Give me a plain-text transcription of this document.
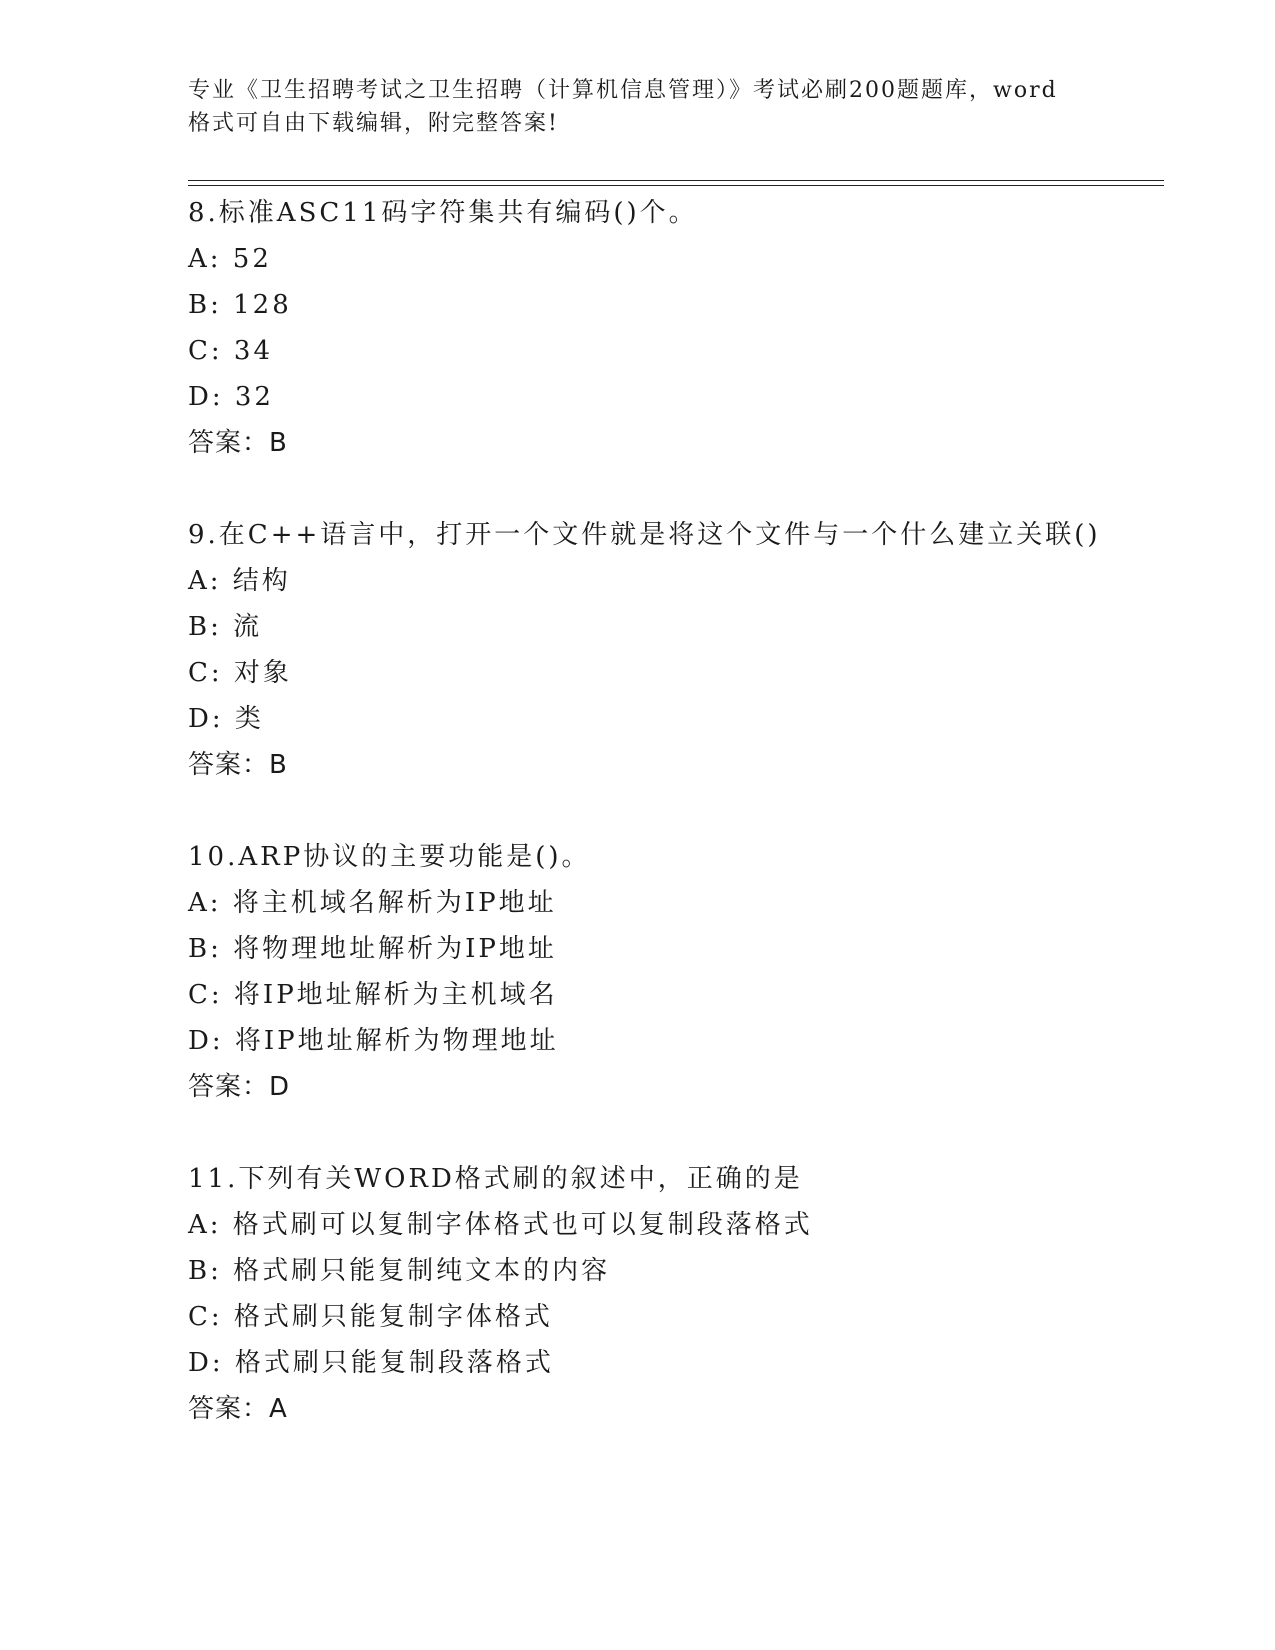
专业《卫生招聘考试之卫生招聘（计算机信息管理）》考试必刷200题题库，word
格式可自由下载编辑，附完整答案!
8.标准ASC11码字符集共有编码()个。
A: 52
B: 128
C: 34
D: 32
答案：B
9.在C++语言中，打开一个文件就是将这个文件与一个什么建立关联()
A: 结构
B: 流
C: 对象
D: 类
答案：B
10.ARP协议的主要功能是()。
A: 将主机域名解析为IP地址
B: 将物理地址解析为IP地址
C: 将IP地址解析为主机域名
D: 将IP地址解析为物理地址
答案：D
11.下列有关WORD格式刷的叙述中，正确的是
A: 格式刷可以复制字体格式也可以复制段落格式
B: 格式刷只能复制纯文本的内容
C: 格式刷只能复制字体格式
D: 格式刷只能复制段落格式
答案：A
